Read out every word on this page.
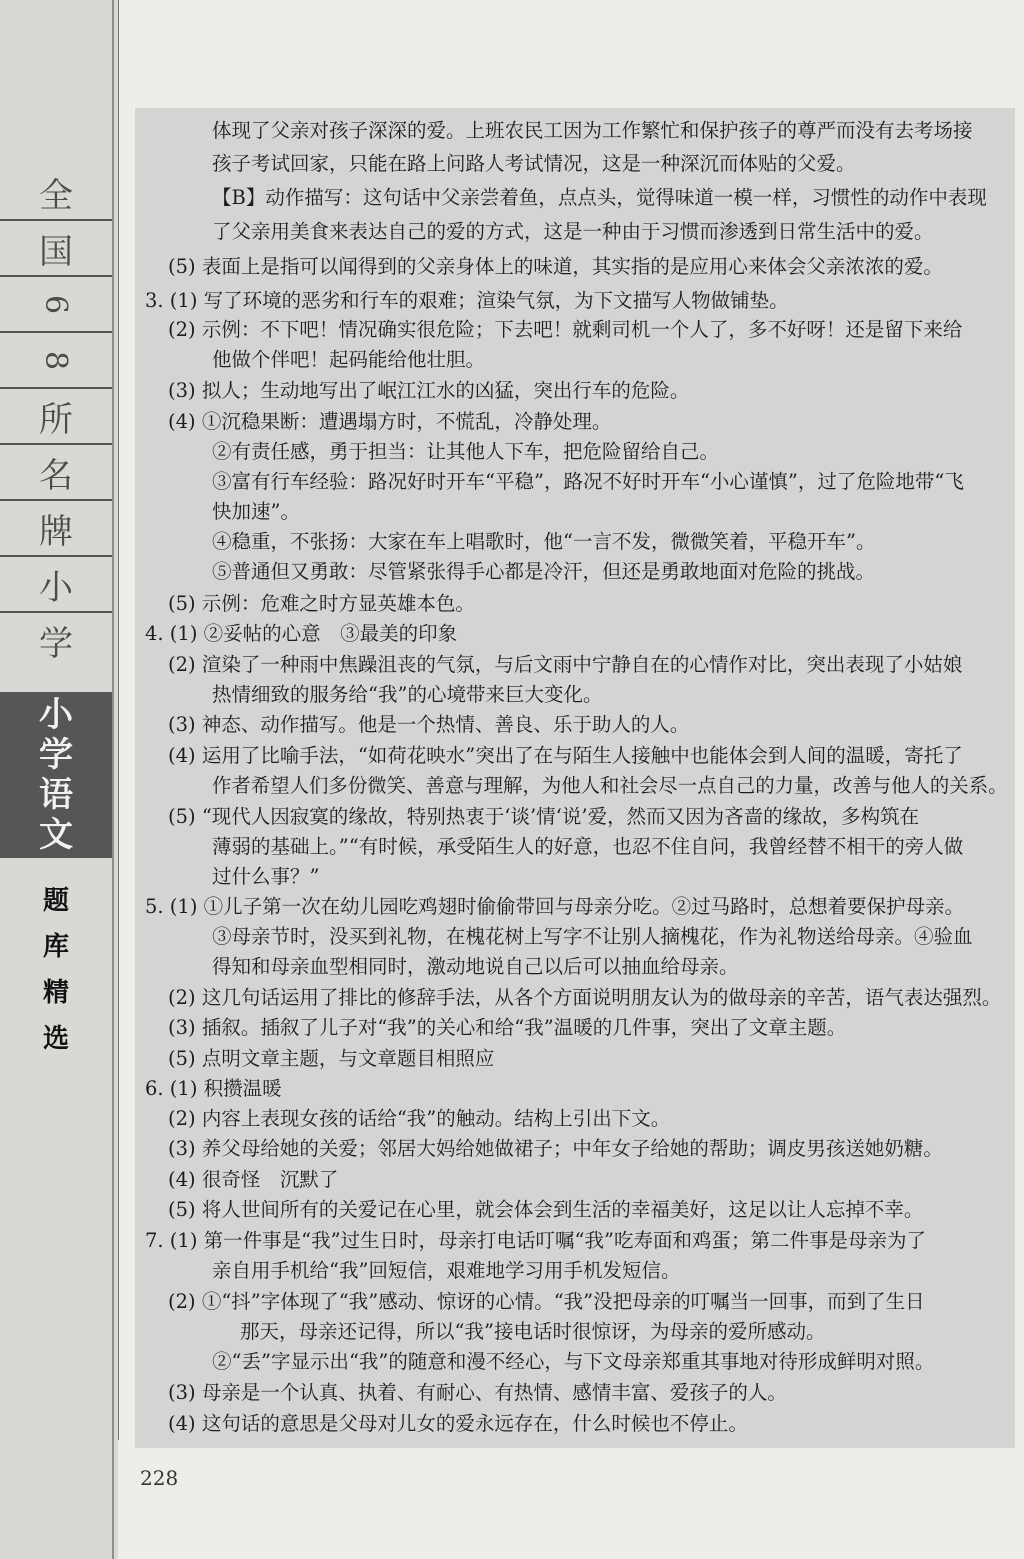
全
国
6
8
所
名
牌
小
学
小
学
语
文
题
库
精
选
体现了父亲对孩子深深的爱。上班农民工因为工作繁忙和保护孩子的尊严而没有去考场接
孩子考试回家，只能在路上问路人考试情况，这是一种深沉而体贴的父爱。
【B】动作描写：这句话中父亲尝着鱼，点点头，觉得味道一模一样，习惯性的动作中表现
了父亲用美食来表达自己的爱的方式，这是一种由于习惯而渗透到日常生活中的爱。
(5) 表面上是指可以闻得到的父亲身体上的味道，其实指的是应用心来体会父亲浓浓的爱。
3. (1) 写了环境的恶劣和行车的艰难；渲染气氛，为下文描写人物做铺垫。
(2) 示例：不下吧！情况确实很危险；下去吧！就剩司机一个人了，多不好呀！还是留下来给
他做个伴吧！起码能给他壮胆。
(3) 拟人；生动地写出了岷江江水的凶猛，突出行车的危险。
(4) ①沉稳果断：遭遇塌方时，不慌乱，冷静处理。
②有责任感，勇于担当：让其他人下车，把危险留给自己。
③富有行车经验：路况好时开车“平稳”，路况不好时开车“小心谨慎”，过了危险地带“飞
快加速”。
④稳重，不张扬：大家在车上唱歌时，他“一言不发，微微笑着，平稳开车”。
⑤普通但又勇敢：尽管紧张得手心都是冷汗，但还是勇敢地面对危险的挑战。
(5) 示例：危难之时方显英雄本色。
4. (1) ②妥帖的心意　③最美的印象
(2) 渲染了一种雨中焦躁沮丧的气氛，与后文雨中宁静自在的心情作对比，突出表现了小姑娘
热情细致的服务给“我”的心境带来巨大变化。
(3) 神态、动作描写。他是一个热情、善良、乐于助人的人。
(4) 运用了比喻手法，“如荷花映水”突出了在与陌生人接触中也能体会到人间的温暖，寄托了
作者希望人们多份微笑、善意与理解，为他人和社会尽一点自己的力量，改善与他人的关系。
(5) “现代人因寂寞的缘故，特别热衷于‘谈’情‘说’爱，然而又因为吝啬的缘故，多构筑在
薄弱的基础上。”“有时候，承受陌生人的好意，也忍不住自问，我曾经替不相干的旁人做
过什么事？”
5. (1) ①儿子第一次在幼儿园吃鸡翅时偷偷带回与母亲分吃。②过马路时，总想着要保护母亲。
③母亲节时，没买到礼物，在槐花树上写字不让别人摘槐花，作为礼物送给母亲。④验血
得知和母亲血型相同时，激动地说自己以后可以抽血给母亲。
(2) 这几句话运用了排比的修辞手法，从各个方面说明朋友认为的做母亲的辛苦，语气表达强烈。
(3) 插叙。插叙了儿子对“我”的关心和给“我”温暖的几件事，突出了文章主题。
(5) 点明文章主题，与文章题目相照应
6. (1) 积攒温暖
(2) 内容上表现女孩的话给“我”的触动。结构上引出下文。
(3) 养父母给她的关爱；邻居大妈给她做裙子；中年女子给她的帮助；调皮男孩送她奶糖。
(4) 很奇怪　沉默了
(5) 将人世间所有的关爱记在心里，就会体会到生活的幸福美好，这足以让人忘掉不幸。
7. (1) 第一件事是“我”过生日时，母亲打电话叮嘱“我”吃寿面和鸡蛋；第二件事是母亲为了
亲自用手机给“我”回短信，艰难地学习用手机发短信。
(2) ①“抖”字体现了“我”感动、惊讶的心情。“我”没把母亲的叮嘱当一回事，而到了生日
那天，母亲还记得，所以“我”接电话时很惊讶，为母亲的爱所感动。
②“丢”字显示出“我”的随意和漫不经心，与下文母亲郑重其事地对待形成鲜明对照。
(3) 母亲是一个认真、执着、有耐心、有热情、感情丰富、爱孩子的人。
(4) 这句话的意思是父母对儿女的爱永远存在，什么时候也不停止。
228
